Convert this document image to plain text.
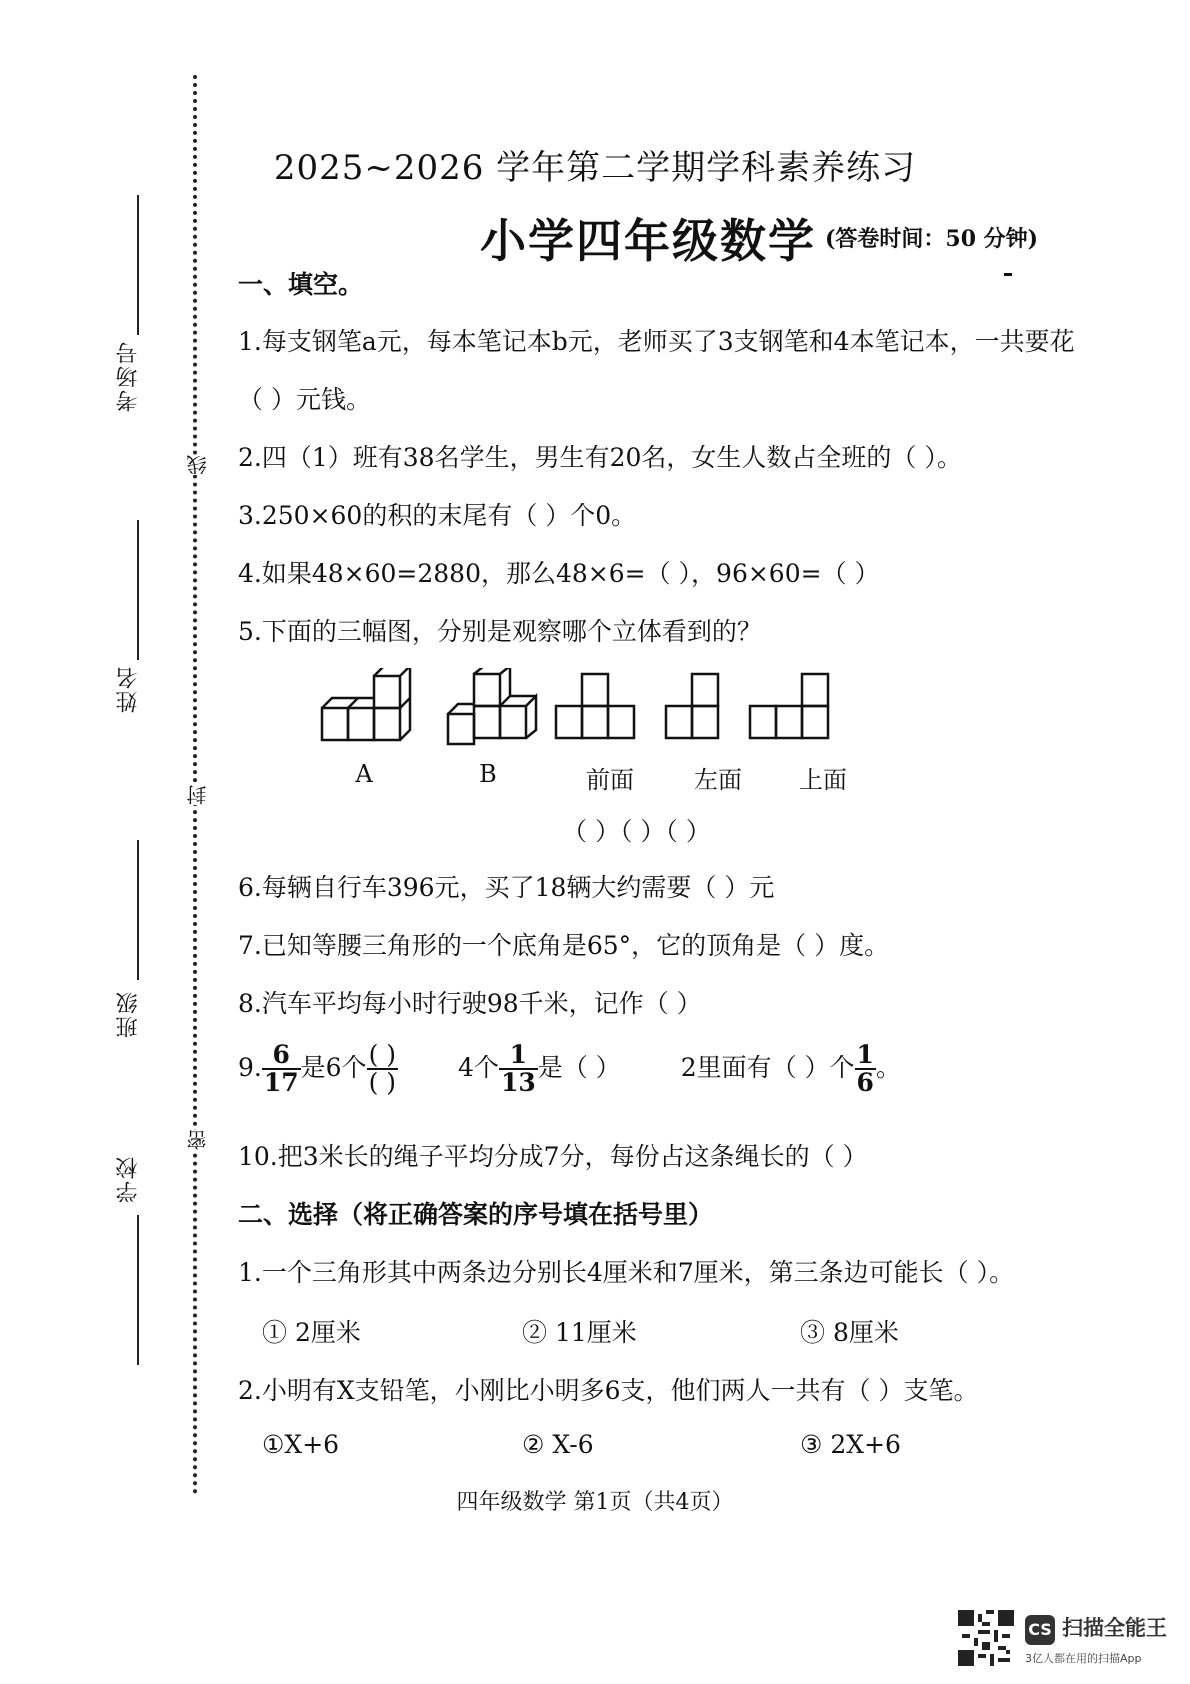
线
封
密
考场号
姓名
班级
学校
2025~2026 学年第二学期学科素养练习
小学四年级数学 (答卷时间：50 分钟)
一、填空。
1.每支钢笔a元，每本笔记本b元，老师买了3支钢笔和4本笔记本，一共要花
（ ）元钱。
2.四（1）班有38名学生，男生有20名，女生人数占全班的（ ）。
3.250×60的积的末尾有（ ）个0。
4.如果48×60=2880，那么48×6=（ ），96×60=（ ）
5.下面的三幅图，分别是观察哪个立体看到的？
A	B	前面	左面	上面
（ ）（ ）（ ）
6.每辆自行车396元，买了18辆大约需要（ ）元
7.已知等腰三角形的一个底角是65°，它的顶角是（ ）度。
8.汽车平均每小时行驶98千米，记作（ ）
9. $\frac{6}{17}$ 是6个 $\frac{( )}{( )} 4$个 $\frac{1}{13}$ 是（ ） 2里面有（ ）个 $\frac{1}{6}$ 。
10.把3米长的绳子平均分成7分，每份占这条绳长的（ ）
二、选择（将正确答案的序号填在括号里）
1.一个三角形其中两条边分别长4厘米和7厘米，第三条边可能长（ ）。
① 2厘米	② 11厘米	③ 8厘米
2.小明有X支铅笔，小刚比小明多6支，他们两人一共有（ ）支笔。
①X+6	② X-6	③ 2X+6
四年级数学 第1页（共4页）
CS 扫描全能王
3亿人都在用的扫描App
